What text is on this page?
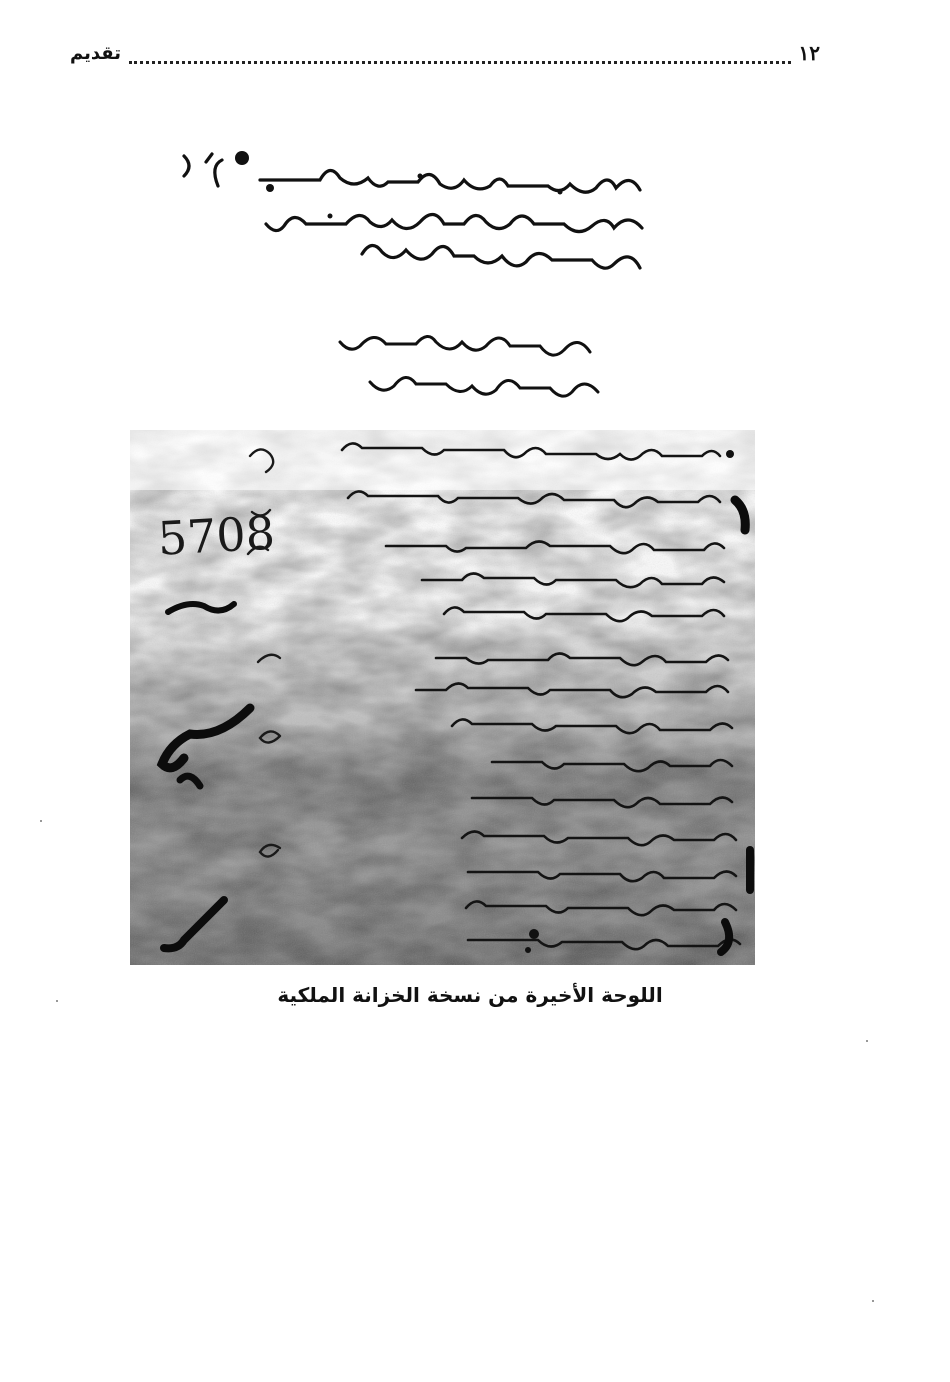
١٢
تقديم
5708
اللوحة الأخيرة من نسخة الخزانة الملكية
